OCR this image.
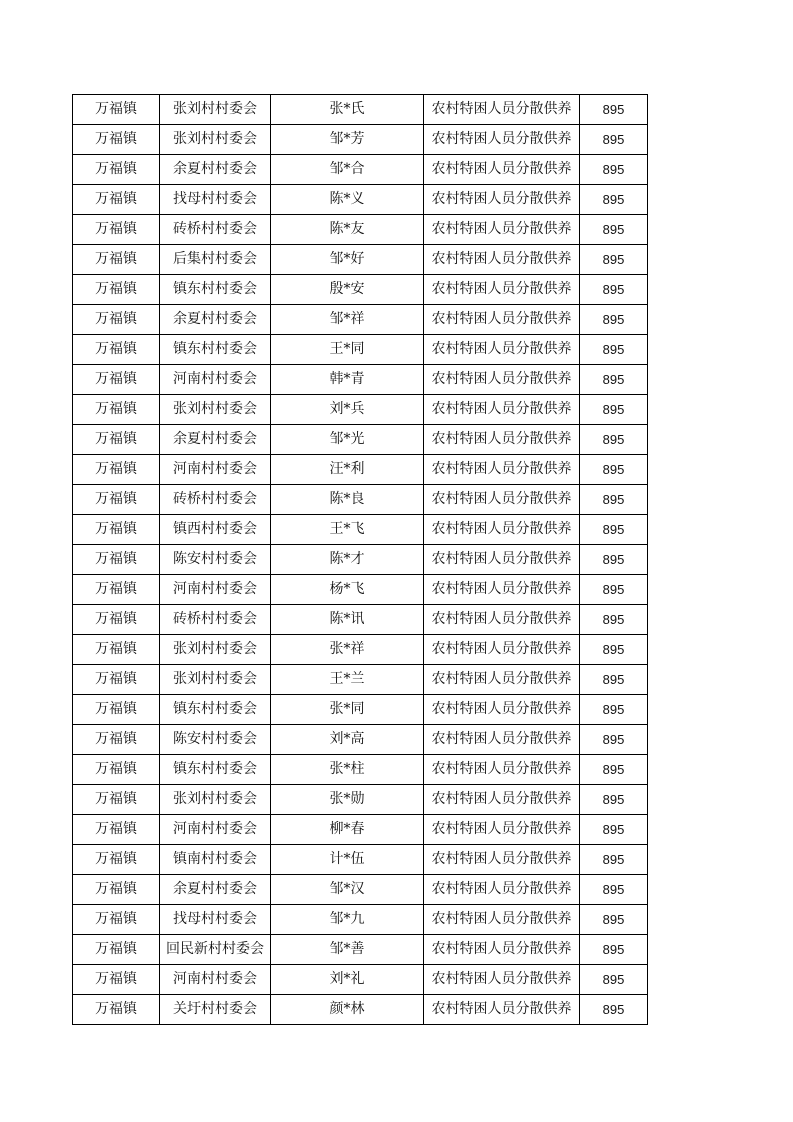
万福镇	张刘村村委会	张*氏	农村特困人员分散供养	895
万福镇	张刘村村委会	邹*芳	农村特困人员分散供养	895
万福镇	余夏村村委会	邹*合	农村特困人员分散供养	895
万福镇	找母村村委会	陈*义	农村特困人员分散供养	895
万福镇	砖桥村村委会	陈*友	农村特困人员分散供养	895
万福镇	后集村村委会	邹*好	农村特困人员分散供养	895
万福镇	镇东村村委会	殷*安	农村特困人员分散供养	895
万福镇	余夏村村委会	邹*祥	农村特困人员分散供养	895
万福镇	镇东村村委会	王*同	农村特困人员分散供养	895
万福镇	河南村村委会	韩*青	农村特困人员分散供养	895
万福镇	张刘村村委会	刘*兵	农村特困人员分散供养	895
万福镇	余夏村村委会	邹*光	农村特困人员分散供养	895
万福镇	河南村村委会	汪*利	农村特困人员分散供养	895
万福镇	砖桥村村委会	陈*良	农村特困人员分散供养	895
万福镇	镇西村村委会	王*飞	农村特困人员分散供养	895
万福镇	陈安村村委会	陈*才	农村特困人员分散供养	895
万福镇	河南村村委会	杨*飞	农村特困人员分散供养	895
万福镇	砖桥村村委会	陈*讯	农村特困人员分散供养	895
万福镇	张刘村村委会	张*祥	农村特困人员分散供养	895
万福镇	张刘村村委会	王*兰	农村特困人员分散供养	895
万福镇	镇东村村委会	张*同	农村特困人员分散供养	895
万福镇	陈安村村委会	刘*高	农村特困人员分散供养	895
万福镇	镇东村村委会	张*柱	农村特困人员分散供养	895
万福镇	张刘村村委会	张*勋	农村特困人员分散供养	895
万福镇	河南村村委会	柳*春	农村特困人员分散供养	895
万福镇	镇南村村委会	计*伍	农村特困人员分散供养	895
万福镇	余夏村村委会	邹*汉	农村特困人员分散供养	895
万福镇	找母村村委会	邹*九	农村特困人员分散供养	895
万福镇	回民新村村委会	邹*善	农村特困人员分散供养	895
万福镇	河南村村委会	刘*礼	农村特困人员分散供养	895
万福镇	关圩村村委会	颜*林	农村特困人员分散供养	895
